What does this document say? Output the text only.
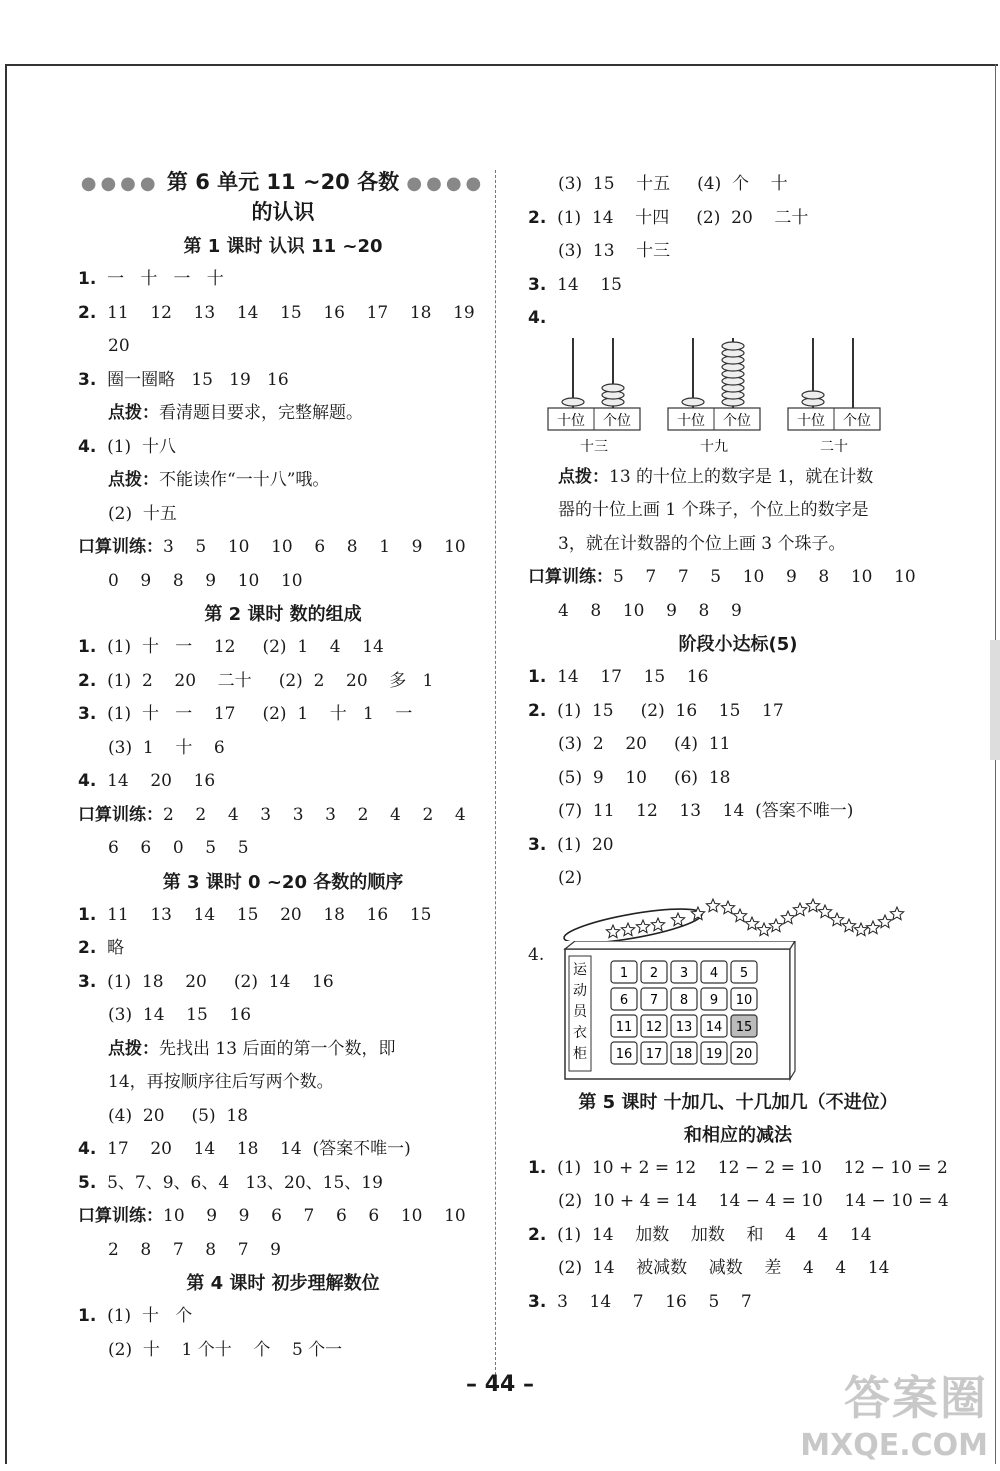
●●●● 第 6 单元 11 ~20 各数 ●●●●
的认识
第 1 课时 认识 11 ~20
1.  一   十   一   十
2.  11    12    13    14    15    16    17    18    19
20
3.  圈一圈略   15   19   16
点拨：看清题目要求，完整解题。
4.  (1)  十八
点拨：不能读作“一十八”哦。
(2)  十五
口算训练：3    5    10    10    6    8    1    9    10
0    9    8    9    10    10
第 2 课时 数的组成
1.  (1)  十   一    12     (2)  1    4    14
2.  (1)  2    20    二十     (2)  2    20    多   1
3.  (1)  十   一    17     (2)  1    十   1    一
(3)  1    十    6
4.  14    20    16
口算训练：2    2    4    3    3    3    2    4    2    4
6    6    0    5    5
第 3 课时 0 ~20 各数的顺序
1.  11    13    14    15    20    18    16    15
2.  略
3.  (1)  18    20     (2)  14    16
(3)  14    15    16
点拨：先找出 13 后面的第一个数，即
14，再按顺序往后写两个数。
(4)  20     (5)  18
4.  17    20    14    18    14  (答案不唯一)
5.  5、7、9、6、4   13、20、15、19
口算训练：10    9    9    6    7    6    6    10    10
2    8    7    8    7    9
第 4 课时 初步理解数位
1.  (1)  十   个
(2)  十    1 个十    个    5 个一
(3)  15    十五     (4)  个    十
2.  (1)  14    十四     (2)  20    二十
(3)  13    十三
3.  14    15
4.
十位 个位
十三
十位 个位
十九
十位 个位
二十
点拨：13 的十位上的数字是 1，就在计数
器的十位上画 1 个珠子，个位上的数字是
3，就在计数器的个位上画 3 个珠子。
口算训练：5    7    7    5    10    9    8    10    10
4    8    10    9    8    9
阶段小达标(5)
1.  14    17    15    16
2.  (1)  15     (2)  16    15    17
(3)  2    20     (4)  11
(5)  9    10     (6)  18
(7)  11    12    13    14  (答案不唯一)
3.  (1)  20
(2)
4.
运
动
员
衣
柜
1 2 3 4 5
6 7 8 9 10
11 12 13 14 15
16 17 18 19 20
第 5 课时 十加几、十几加几（不进位）
和相应的减法
1.  (1)  10 + 2 = 12    12 − 2 = 10    12 − 10 = 2
(2)  10 + 4 = 14    14 − 4 = 10    14 − 10 = 4
2.  (1)  14    加数    加数    和    4    4    14
(2)  14    被减数    减数    差    4    4    14
3.  3    14    7    16    5    7
– 44 –	答案圈
MXQE.COM
